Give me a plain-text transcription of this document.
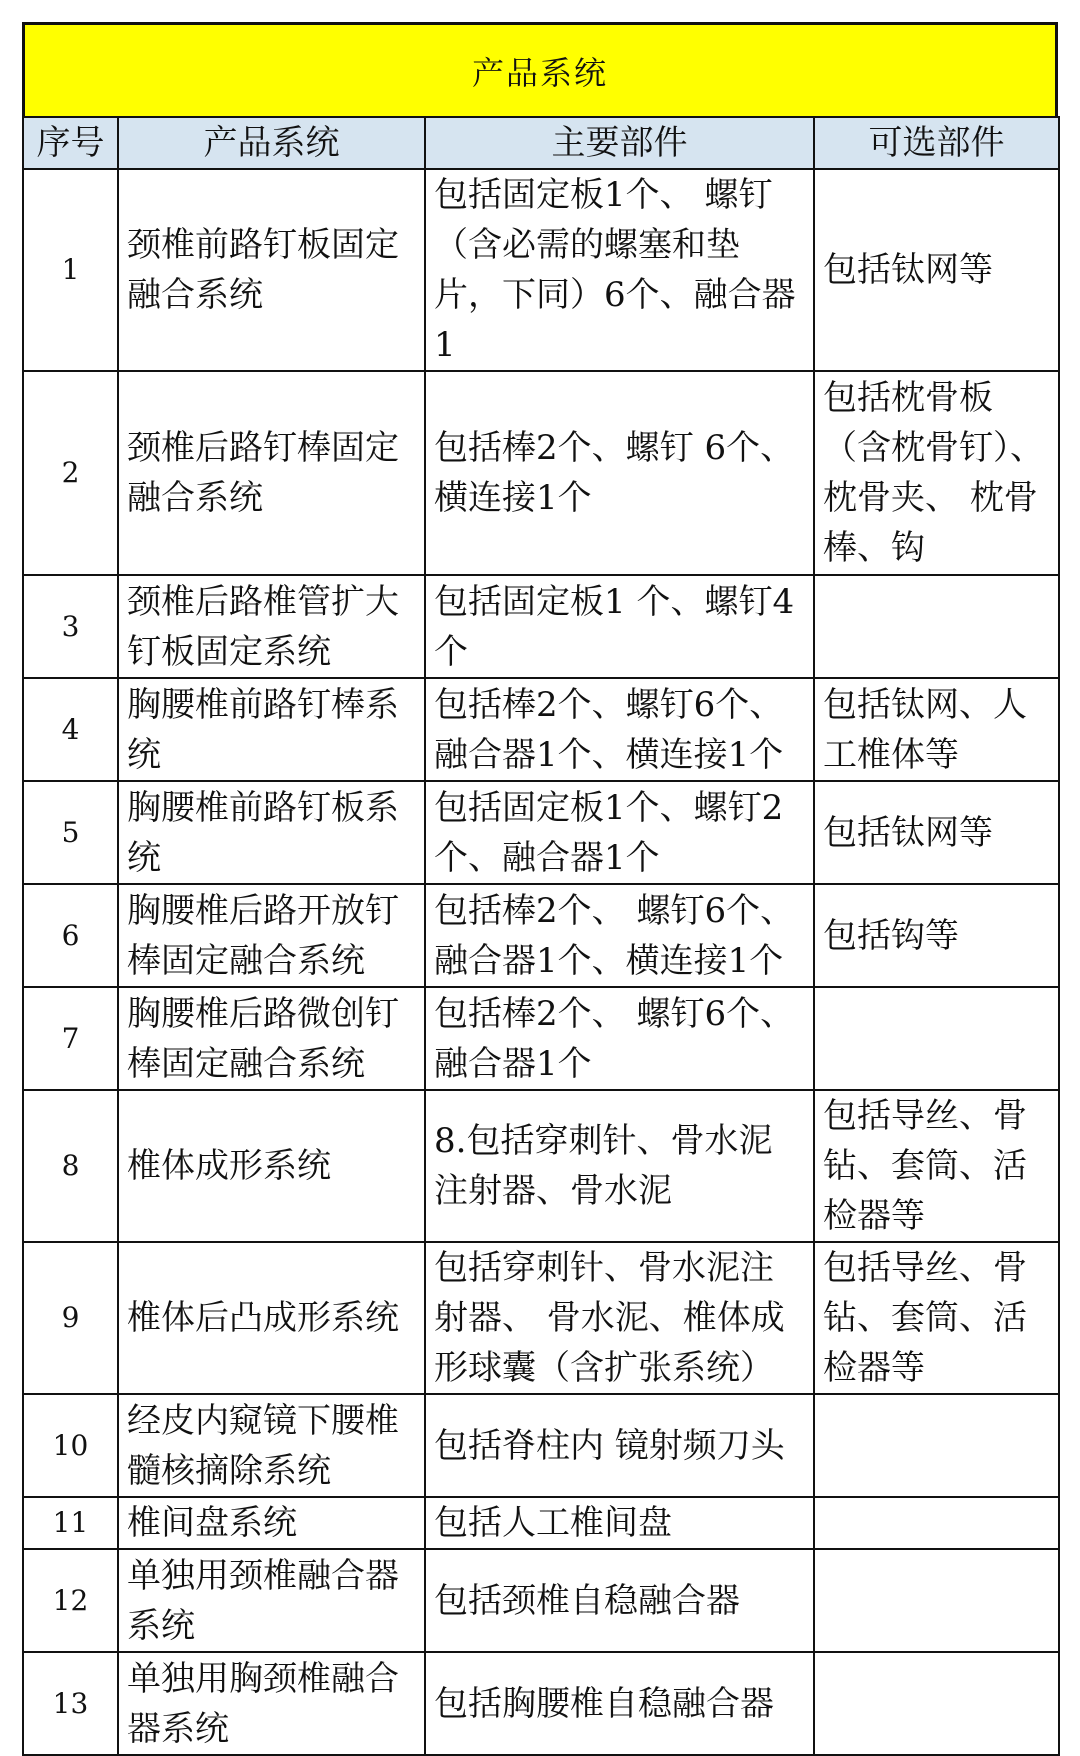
产品系统
序号	产品系统	主要部件	可选部件
1	颈椎前路钉板固定融合系统	包括固定板1个、 螺钉（含必需的螺塞和垫片，下同）6个、融合器1	包括钛网等
2	颈椎后路钉棒固定融合系统	包括棒2个、螺钉 6个、横连接1个	包括枕骨板（含枕骨钉）、枕骨夹、 枕骨棒、钩
3	颈椎后路椎管扩大钉板固定系统	包括固定板1 个、螺钉4个	
4	胸腰椎前路钉棒系统	包括棒2个、螺钉6个、融合器1个、横连接1个	包括钛网、人工椎体等
5	胸腰椎前路钉板系统	包括固定板1个、螺钉2个、融合器1个	包括钛网等
6	胸腰椎后路开放钉棒固定融合系统	包括棒2个、 螺钉6个、融合器1个、横连接1个	包括钩等
7	胸腰椎后路微创钉棒固定融合系统	包括棒2个、 螺钉6个、融合器1个	
8	椎体成形系统	8.包括穿刺针、骨水泥注射器、骨水泥	包括导丝、骨钻、套筒、活检器等
9	椎体后凸成形系统	包括穿刺针、骨水泥注射器、 骨水泥、椎体成形球囊（含扩张系统）	包括导丝、骨钻、套筒、活检器等
10	经皮内窥镜下腰椎髓核摘除系统	包括脊柱内 镜射频刀头	
11	椎间盘系统	包括人工椎间盘	
12	单独用颈椎融合器系统	包括颈椎自稳融合器	
13	单独用胸颈椎融合器系统	包括胸腰椎自稳融合器	
